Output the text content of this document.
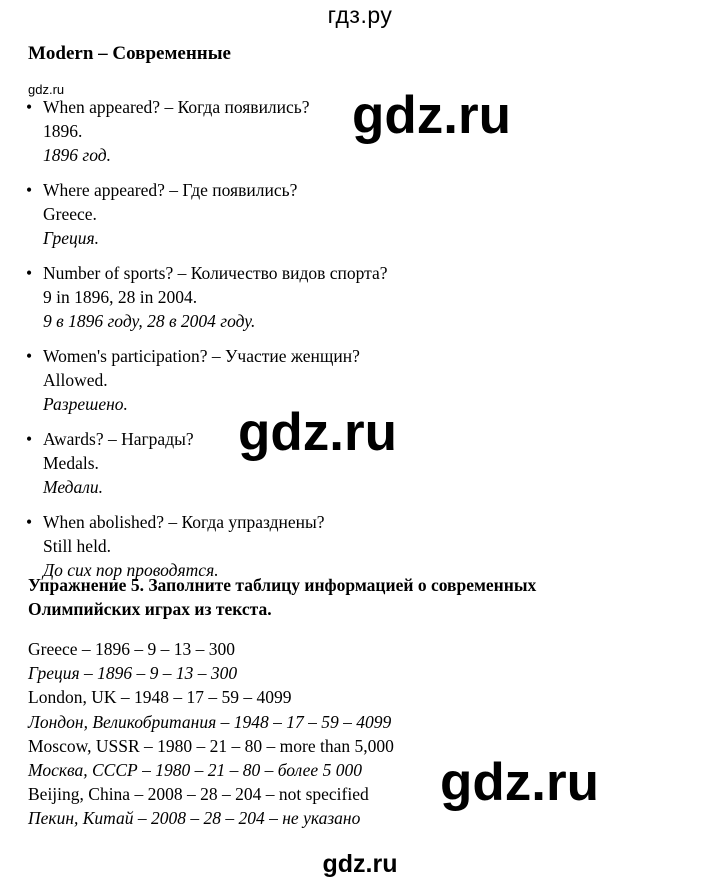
гдз.ру
Modern – Современные
gdz.ru
• When appeared? – Когда появились?
1896.
1896 год.
• Where appeared? – Где появились?
Greece.
Греция.
• Number of sports? – Количество видов спорта?
9 in 1896, 28 in 2004.
9 в 1896 году, 28 в 2004 году.
• Women's participation? – Участие женщин?
Allowed.
Разрешено.
• Awards? – Награды?
Medals.
Медали.
• When abolished? – Когда упразднены?
Still held.
До сих пор проводятся.
Упражнение 5. Заполните таблицу информацией о современных
Олимпийских играх из текста.
Greece – 1896 – 9 – 13 – 300
Греция – 1896 – 9 – 13 – 300
London, UK – 1948 – 17 – 59 – 4099
Лондон, Великобритания – 1948 – 17 – 59 – 4099
Moscow, USSR – 1980 – 21 – 80 – more than 5,000
Москва, СССР – 1980 – 21 – 80 – более 5 000
Beijing, China – 2008 – 28 – 204 – not specified
Пекин, Китай – 2008 – 28 – 204 – не указано
gdz.ru
gdz.ru
gdz.ru
gdz.ru
